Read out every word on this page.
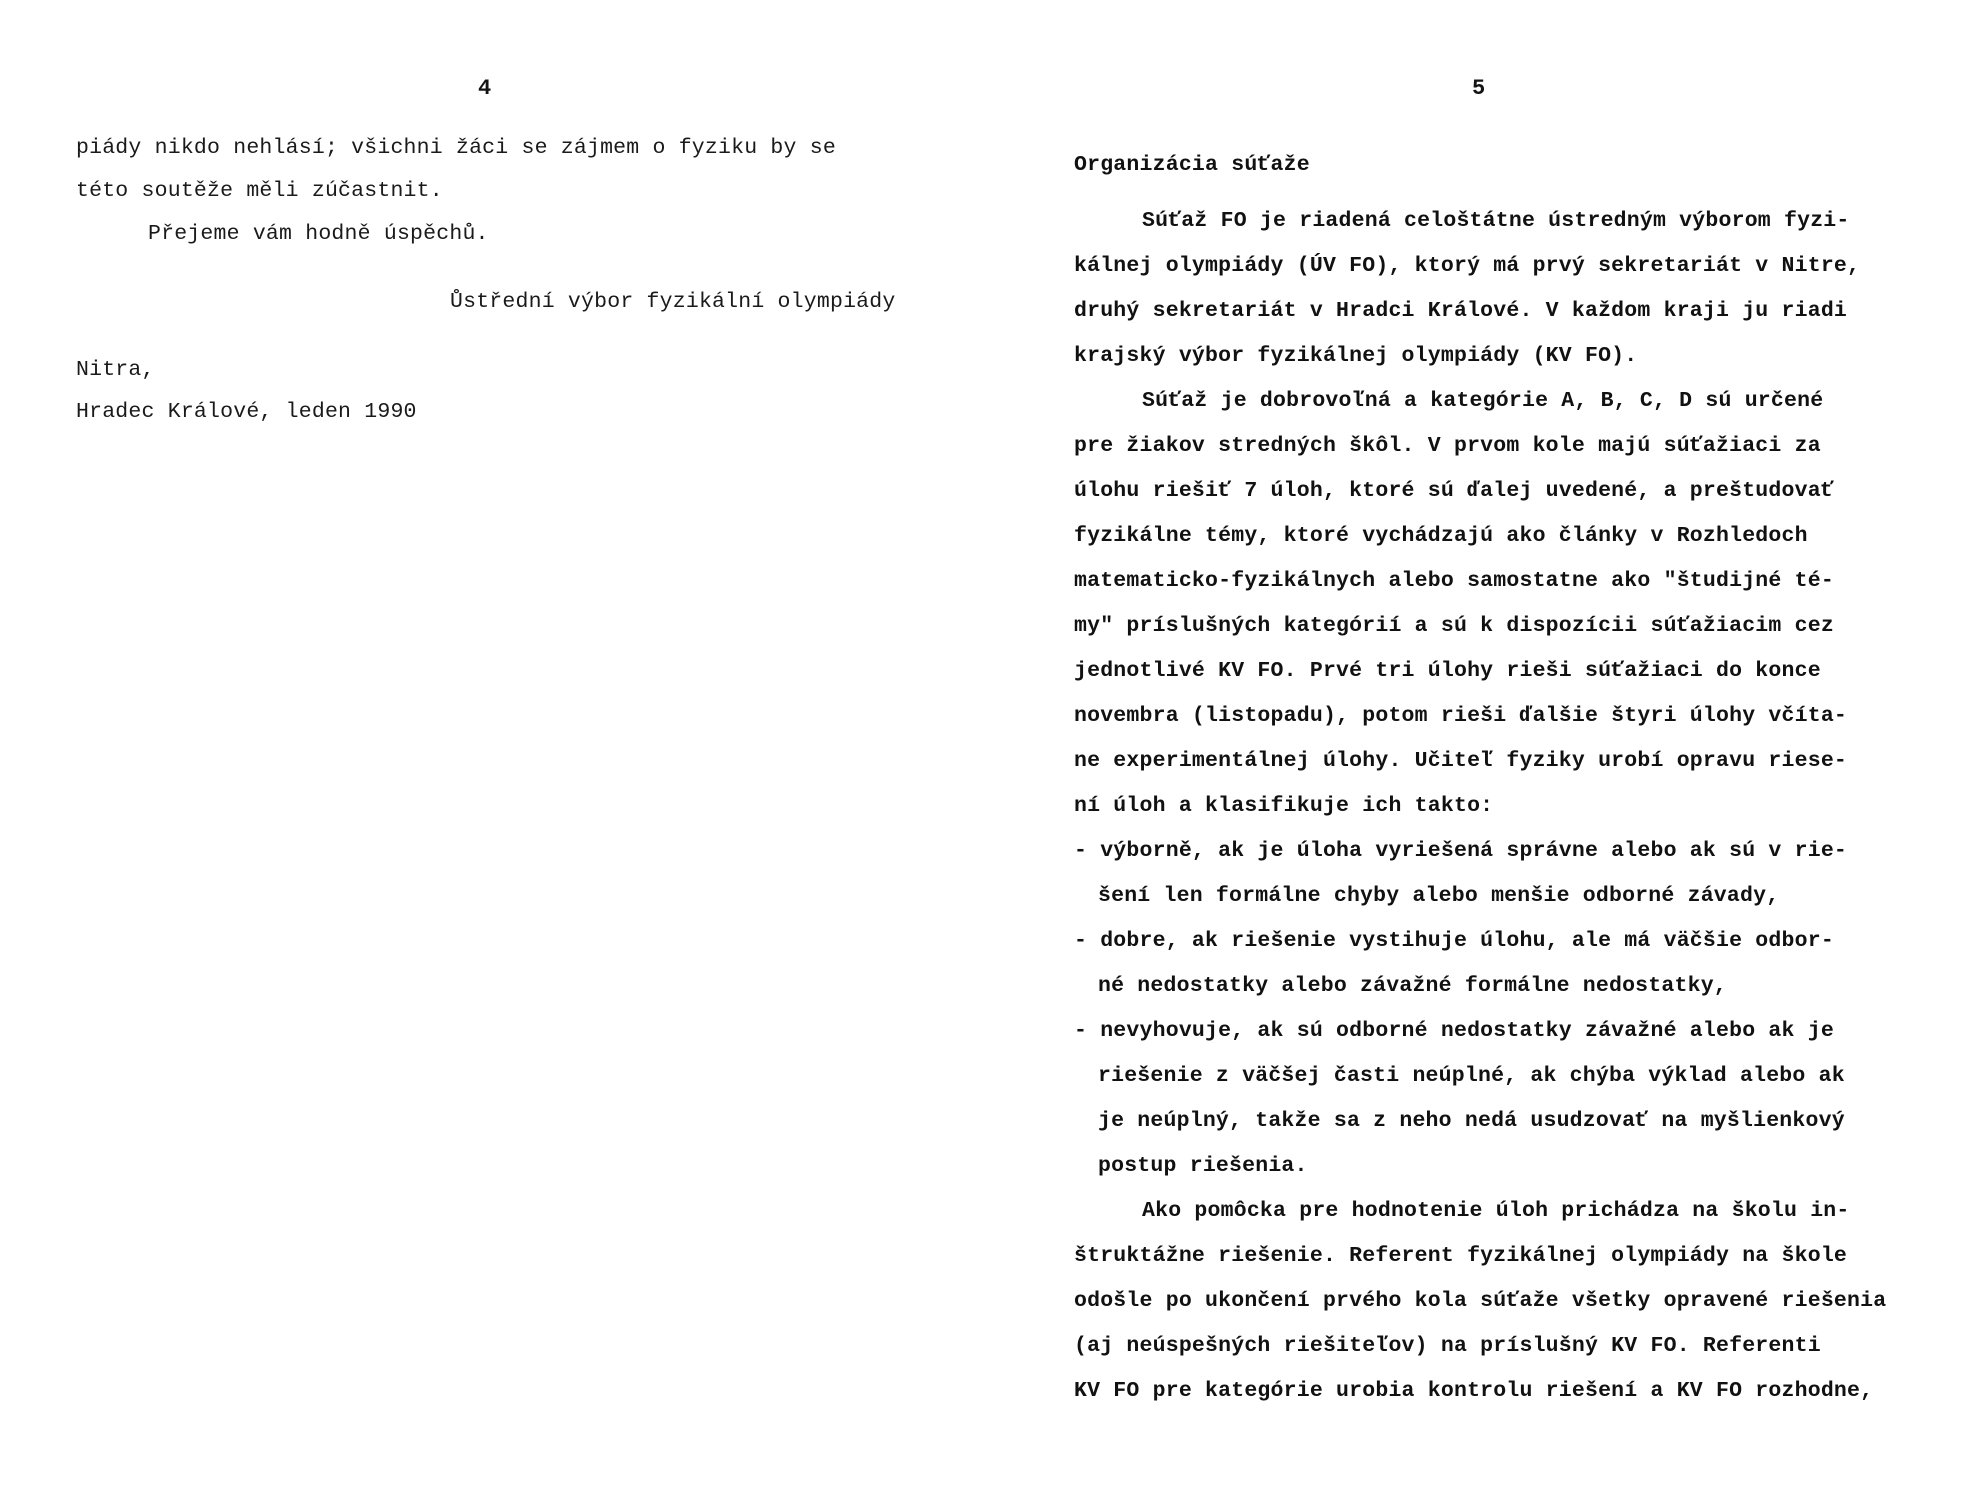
4
piády nikdo nehlásí; všichni žáci se zájmem o fyziku by se
této soutěže měli zúčastnit.
Přejeme vám hodně úspěchů.
Ůstřední výbor fyzikální olympiády
Nitra,
Hradec Králové, leden 1990
5
Organizácia súťaže
Súťaž FO je riadená celoštátne ústredným výborom fyzi-
kálnej olympiády (ÚV FO), ktorý má prvý sekretariát v Nitre,
druhý sekretariát v Hradci Králové. V každom kraji ju riadi
krajský výbor fyzikálnej olympiády (KV FO).
Súťaž je dobrovoľná a kategórie A, B, C, D sú určené
pre žiakov stredných škôl. V prvom kole majú súťažiaci za
úlohu riešiť 7 úloh, ktoré sú ďalej uvedené, a preštudovať
fyzikálne témy, ktoré vychádzajú ako články v Rozhledoch
matematicko-fyzikálnych alebo samostatne ako "študijné té-
my" príslušných kategórií a sú k dispozícii súťažiacim cez
jednotlivé KV FO. Prvé tri úlohy rieši súťažiaci do konce
novembra (listopadu), potom rieši ďalšie štyri úlohy včíta-
ne experimentálnej úlohy. Učiteľ fyziky urobí opravu riese-
ní úloh a klasifikuje ich takto:
- výborně, ak je úloha vyriešená správne alebo ak sú v rie-
šení len formálne chyby alebo menšie odborné závady,
- dobre, ak riešenie vystihuje úlohu, ale má väčšie odbor-
né nedostatky alebo závažné formálne nedostatky,
- nevyhovuje, ak sú odborné nedostatky závažné alebo ak je
riešenie z väčšej časti neúplné, ak chýba výklad alebo ak
je neúplný, takže sa z neho nedá usudzovať na myšlienkový
postup riešenia.
Ako pomôcka pre hodnotenie úloh prichádza na školu in-
štruktážne riešenie. Referent fyzikálnej olympiády na škole
odošle po ukončení prvého kola súťaže všetky opravené riešenia
(aj neúspešných riešiteľov) na príslušný KV FO. Referenti
KV FO pre kategórie urobia kontrolu riešení a KV FO rozhodne,
